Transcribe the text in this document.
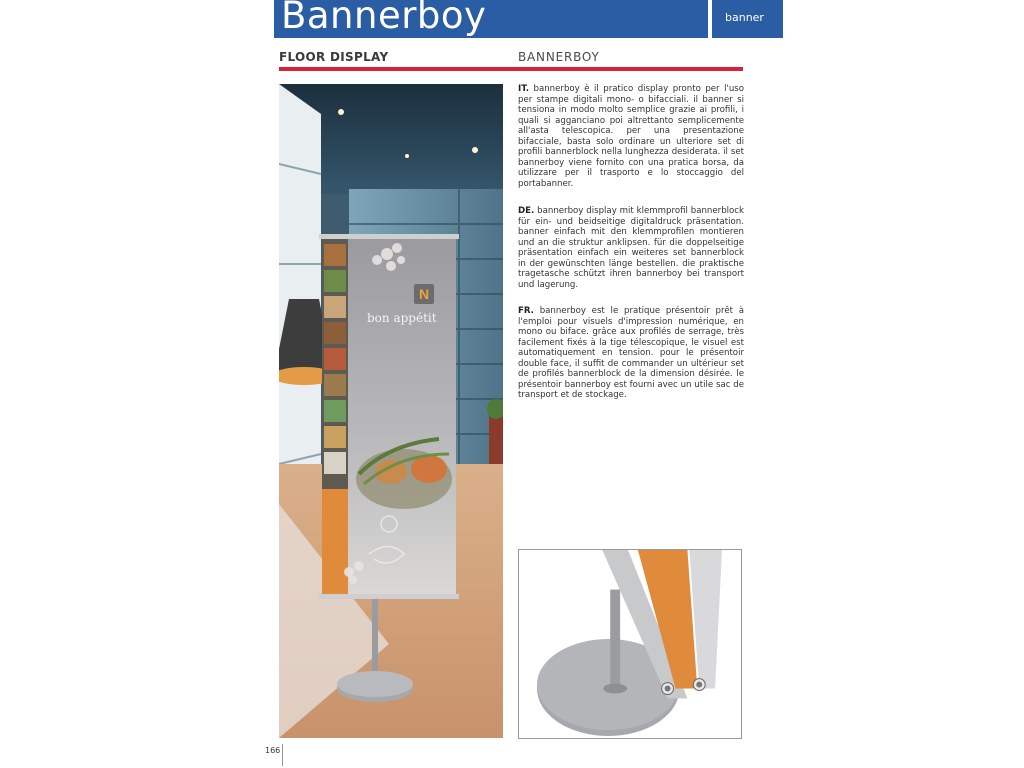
Bannerboy	banner
FLOOR DISPLAY	BANNERBOY
N
bon appétit
IT. bannerboy è il pratico display pronto per l'uso per stampe digitali mono- o bifacciali. il banner si tensiona in modo molto semplice grazie ai profili, i quali si agganciano poi altrettanto semplicemente all'asta telescopica. per una presentazione bifacciale, basta solo ordinare un ulteriore set di profili bannerblock nella lunghezza desiderata. il set bannerboy viene fornito con una pratica borsa, da utilizzare per il trasporto e lo stoccaggio del portabanner.
DE. bannerboy display mit klemmprofil bannerblock für ein- und beidseitige digitaldruck präsentation. banner einfach mit den klemmprofilen montieren und an die struktur anklipsen. für die doppelseitige präsentation einfach ein weiteres set bannerblock in der gewünschten länge bestellen. die praktische tragetasche schützt ihren bannerboy bei transport und lagerung.
FR. bannerboy est le pratique présentoir prêt à l'emploi pour visuels d'impression numérique, en mono ou biface. grâce aux profilés de serrage, très facilement fixés à la tige télescopique, le visuel est automatiquement en tension. pour le présentoir double face, il suffit de commander un ultérieur set de profilés bannerblock de la dimension désirée. le présentoir bannerboy est fourni avec un utile sac de transport et de stockage.
166
